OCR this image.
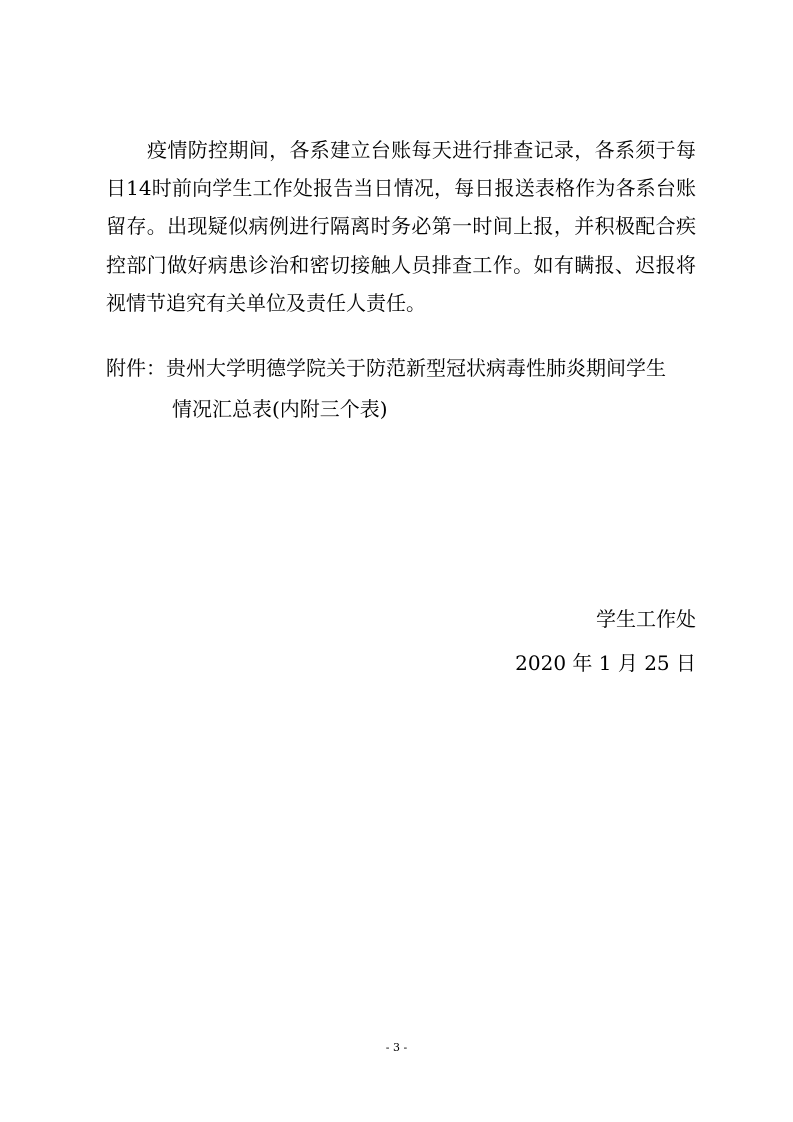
疫情防控期间，各系建立台账每天进行排查记录，各系须于每日14时前向学生工作处报告当日情况，每日报送表格作为各系台账留存。出现疑似病例进行隔离时务必第一时间上报，并积极配合疾控部门做好病患诊治和密切接触人员排查工作。如有瞒报、迟报将视情节追究有关单位及责任人责任。

附件：贵州大学明德学院关于防范新型冠状病毒性肺炎期间学生

情况汇总表(内附三个表)

学生工作处

2020 年 1 月 25 日

- 3 -
